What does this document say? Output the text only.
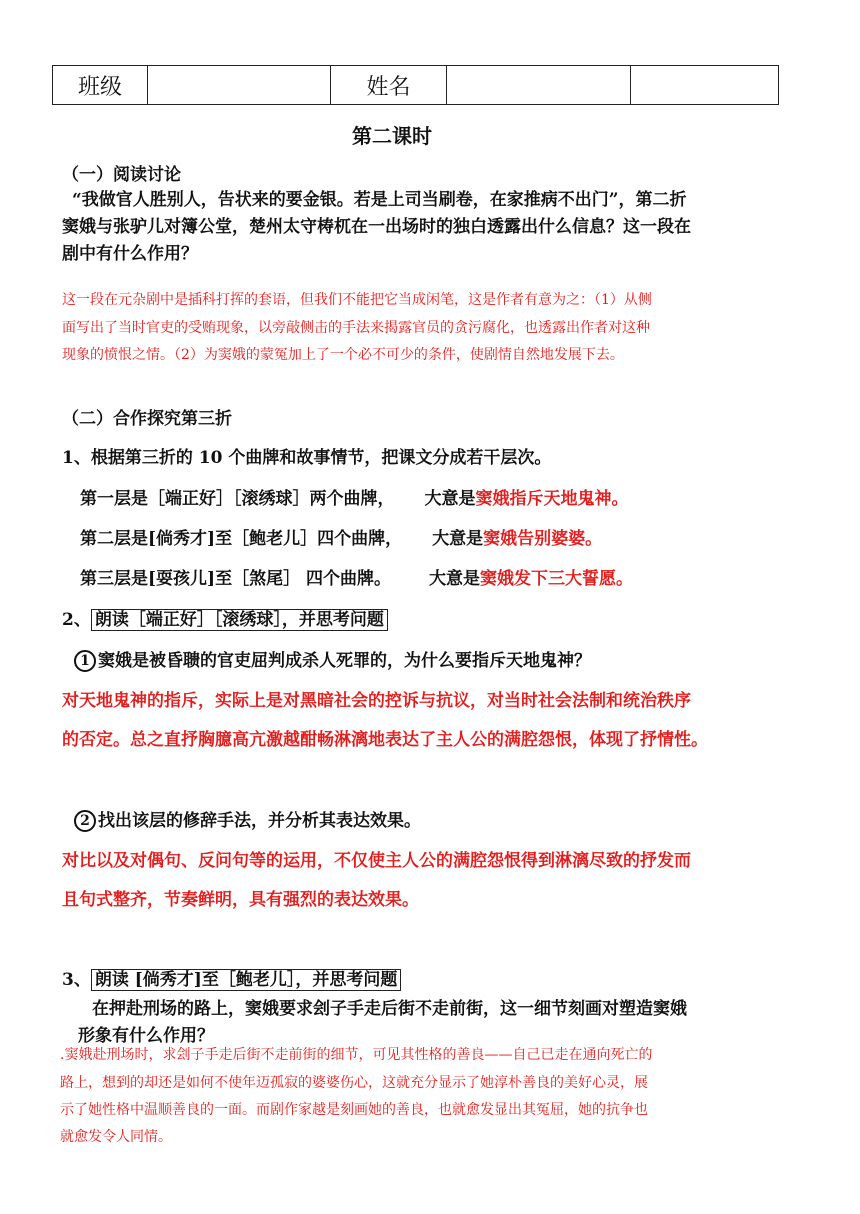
班级		姓名		
第二课时
（一）阅读讨论
“我做官人胜别人，告状来的要金银。若是上司当刷卷，在家推病不出门”，第二折
窦娥与张驴儿对簿公堂，楚州太守梼杌在一出场时的独白透露出什么信息？这一段在
剧中有什么作用？
这一段在元杂剧中是插科打挥的套语，但我们不能把它当成闲笔，这是作者有意为之：（1）从侧
面写出了当时官吏的受贿现象，以旁敲侧击的手法来揭露官员的贪污腐化，也透露出作者对这种
现象的愤恨之情。（2）为窦娥的蒙冤加上了一个必不可少的条件，使剧情自然地发展下去。
（二）合作探究第三折
1、根据第三折的 10 个曲牌和故事情节，把课文分成若干层次。
第一层是［端正好］［滚绣球］两个曲牌， 大意是窦娥指斥天地鬼神。
第二层是[倘秀才]至［鲍老儿］四个曲牌， 大意是窦娥告别婆婆。
第三层是[耍孩儿]至［煞尾］ 四个曲牌。 大意是窦娥发下三大誓愿。
2、 朗读［端正好］［滚绣球］，并思考问题
1 窦娥是被昏聩的官吏屈判成杀人死罪的，为什么要指斥天地鬼神？
对天地鬼神的指斥，实际上是对黑暗社会的控诉与抗议，对当时社会法制和统治秩序
的否定。总之直抒胸臆高亢激越酣畅淋漓地表达了主人公的满腔怨恨，体现了抒情性。
2 找出该层的修辞手法，并分析其表达效果。
对比以及对偶句、反问句等的运用，不仅使主人公的满腔怨恨得到淋漓尽致的抒发而
且句式整齐，节奏鲜明，具有强烈的表达效果。
3、 朗读 [倘秀才]至［鲍老儿］，并思考问题
在押赴刑场的路上，窦娥要求刽子手走后街不走前街，这一细节刻画对塑造窦娥
形象有什么作用？
.窦娥赴刑场时，求刽子手走后街不走前街的细节，可见其性格的善良——自己已走在通向死亡的
路上，想到的却还是如何不使年迈孤寂的婆婆伤心，这就充分显示了她淳朴善良的美好心灵，展
示了她性格中温顺善良的一面。而剧作家越是刻画她的善良，也就愈发显出其冤屈，她的抗争也
就愈发令人同情。
